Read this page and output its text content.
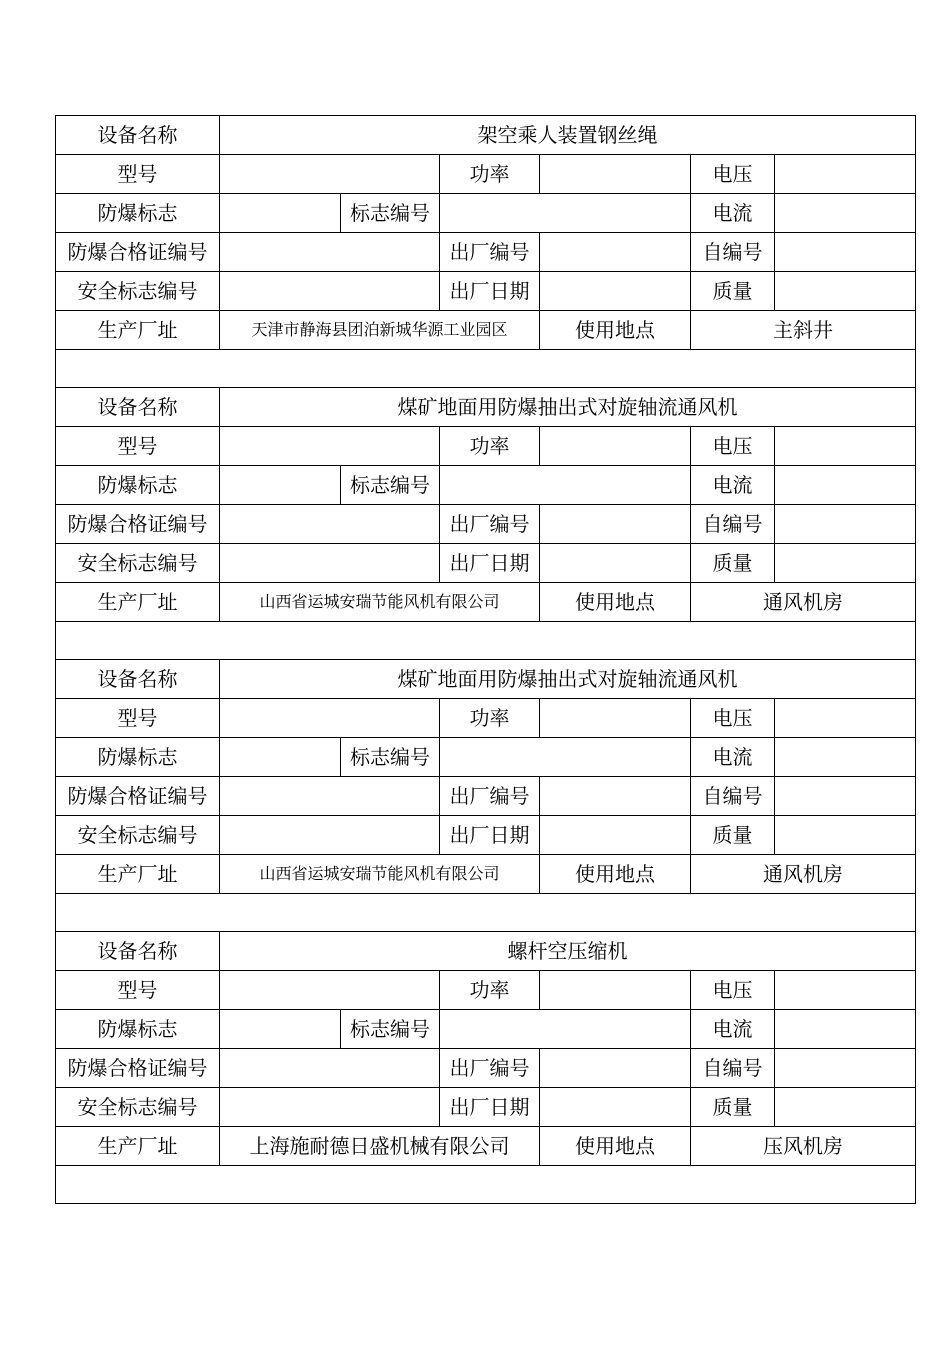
设备名称	架空乘人装置钢丝绳					
型号			功率		电压	
防爆标志		标志编号			电流	
防爆合格证编号			出厂编号		自编号	
安全标志编号			出厂日期		质量	
生产厂址	天津市静海县团泊新城华源工业园区			使用地点	主斜井	

设备名称	煤矿地面用防爆抽出式对旋轴流通风机					
型号			功率		电压	
防爆标志		标志编号			电流	
防爆合格证编号			出厂编号		自编号	
安全标志编号			出厂日期		质量	
生产厂址	山西省运城安瑞节能风机有限公司			使用地点	通风机房	

设备名称	煤矿地面用防爆抽出式对旋轴流通风机					
型号			功率		电压	
防爆标志		标志编号			电流	
防爆合格证编号			出厂编号		自编号	
安全标志编号			出厂日期		质量	
生产厂址	山西省运城安瑞节能风机有限公司			使用地点	通风机房	

设备名称	螺杆空压缩机					
型号			功率		电压	
防爆标志		标志编号			电流	
防爆合格证编号			出厂编号		自编号	
安全标志编号			出厂日期		质量	
生产厂址	上海施耐德日盛机械有限公司			使用地点	压风机房	
